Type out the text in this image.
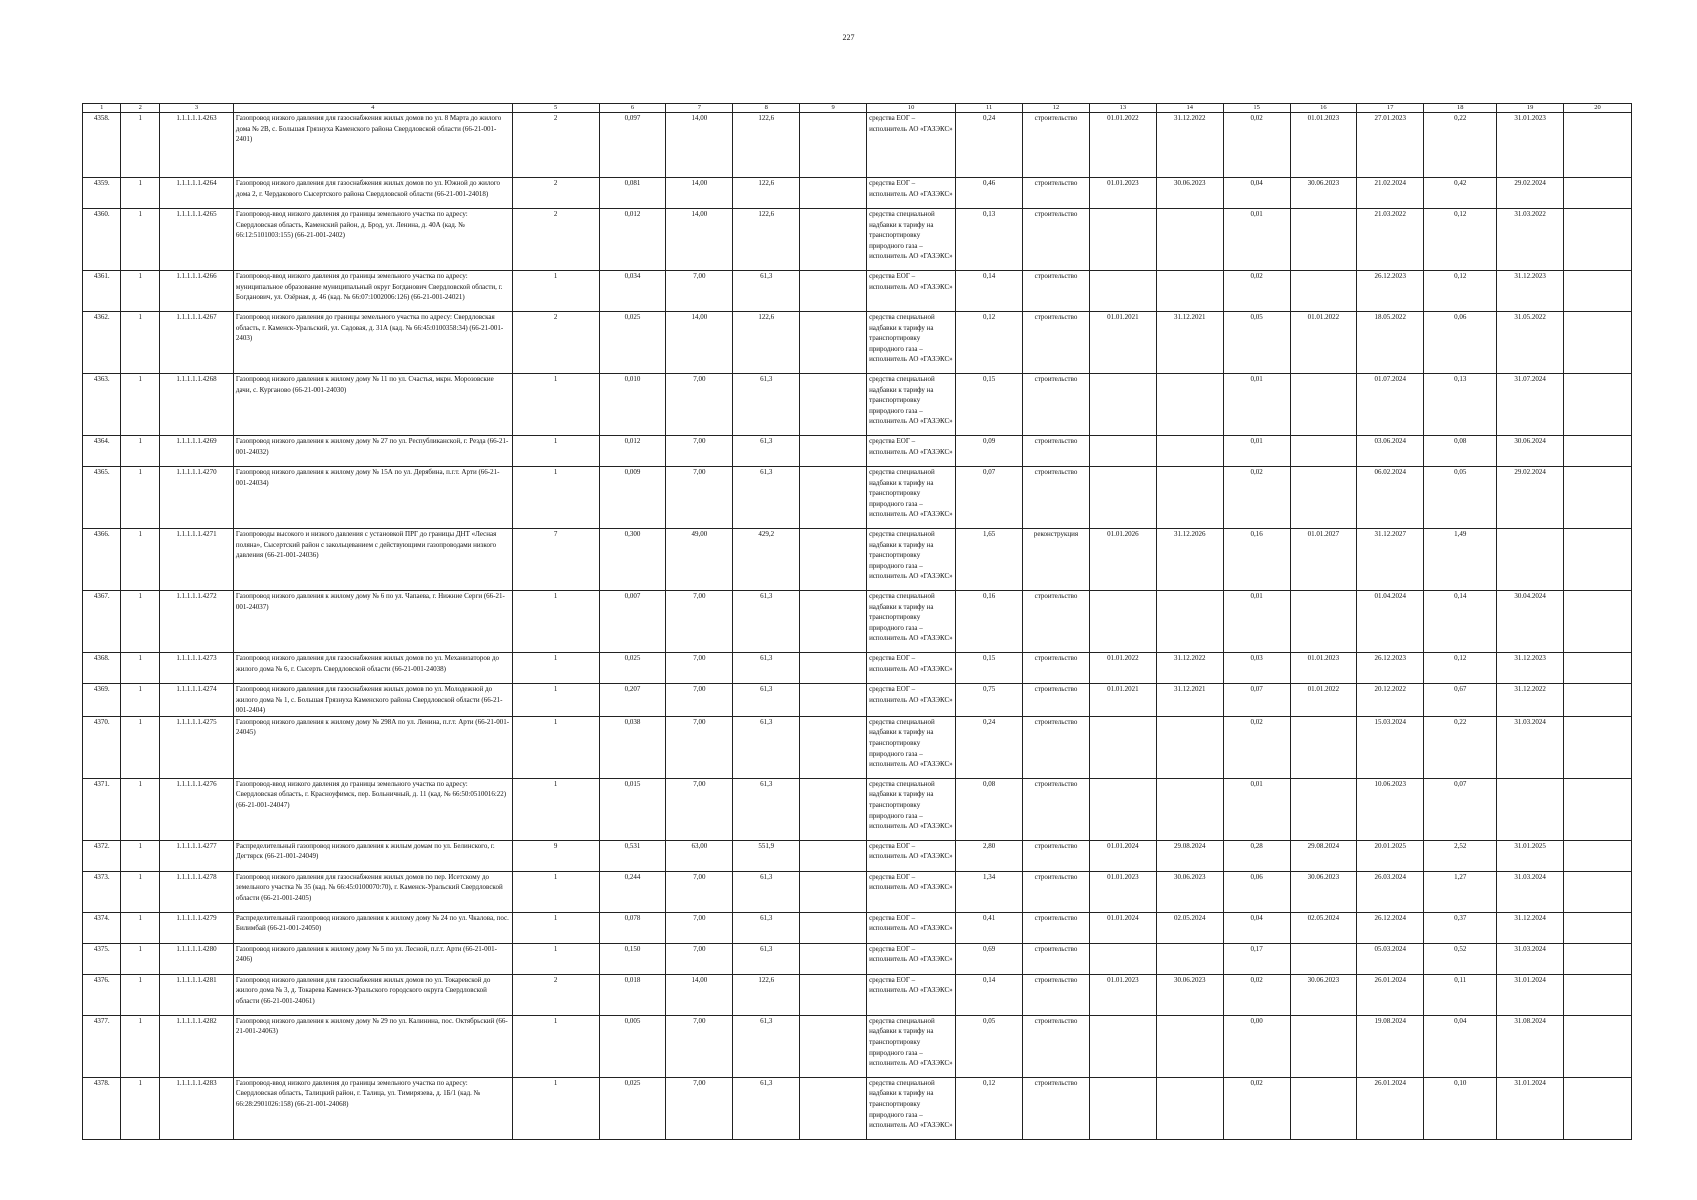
227
1	2	3	4	5	6	7	8	9	10	11	12	13	14	15	16	17	18	19	20
4358.	1	1.1.1.1.1.4263	Газопровод низкого давления для газоснабжения жилых домов по ул. 8 Марта до жилого дома № 2В, с. Большая Грязнуха Каменского района Свердловской области (66-21-001-2401)	2	0,097	14,00	122,6		средства ЕОГ – исполнитель АО «ГАЗЭКС»	0,24	строительство	01.01.2022	31.12.2022	0,02	01.01.2023	27.01.2023	0,22	31.01.2023	
4359.	1	1.1.1.1.1.4264	Газопровод низкого давления для газоснабжения жилых домов по ул. Южной до жилого дома 2, г. Чердакового Сысертского района Свердловской области (66-21-001-24018)	2	0,081	14,00	122,6		средства ЕОГ – исполнитель АО «ГАЗЭКС»	0,46	строительство	01.01.2023	30.06.2023	0,04	30.06.2023	21.02.2024	0,42	29.02.2024	
4360.	1	1.1.1.1.1.4265	Газопровод-ввод низкого давления до границы земельного участка по адресу: Свердловская область, Каменский район, д. Брод, ул. Ленина, д. 40А (кад. № 66:12:5101003:155) (66-21-001-2402)	2	0,012	14,00	122,6		средства специальной надбавки к тарифу на транспортировку природного газа – исполнитель АО «ГАЗЭКС»	0,13	строительство			0,01		21.03.2022	0,12	31.03.2022	
4361.	1	1.1.1.1.1.4266	Газопровод-ввод низкого давления до границы земельного участка по адресу: муниципальное образование муниципальный округ Богданович Свердловской области, г. Богданович, ул. Озёрная, д. 46 (кад. № 66:07:1002006:126) (66-21-001-24021)	1	0,034	7,00	61,3		средства ЕОГ – исполнитель АО «ГАЗЭКС»	0,14	строительство			0,02		26.12.2023	0,12	31.12.2023	
4362.	1	1.1.1.1.1.4267	Газопровод низкого давления до границы земельного участка по адресу: Свердловская область, г. Каменск-Уральский, ул. Садовая, д. 31А (кад. № 66:45:0100358:34) (66-21-001-2403)	2	0,025	14,00	122,6		средства специальной надбавки к тарифу на транспортировку природного газа – исполнитель АО «ГАЗЭКС»	0,12	строительство	01.01.2021	31.12.2021	0,05	01.01.2022	18.05.2022	0,06	31.05.2022	
4363.	1	1.1.1.1.1.4268	Газопровод низкого давления к жилому дому № 11 по ул. Счастья, мкрн. Морозовские дачи, с. Курганово (66-21-001-24030)	1	0,010	7,00	61,3		средства специальной надбавки к тарифу на транспортировку природного газа – исполнитель АО «ГАЗЭКС»	0,15	строительство			0,01		01.07.2024	0,13	31.07.2024	
4364.	1	1.1.1.1.1.4269	Газопровод низкого давления к жилому дому № 27 по ул. Республиканской, г. Резда (66-21-001-24032)	1	0,012	7,00	61,3		средства ЕОГ – исполнитель АО «ГАЗЭКС»	0,09	строительство			0,01		03.06.2024	0,08	30.06.2024	
4365.	1	1.1.1.1.1.4270	Газопровод низкого давления к жилому дому № 15А по ул. Дерябина, п.г.т. Арти (66-21-001-24034)	1	0,009	7,00	61,3		средства специальной надбавки к тарифу на транспортировку природного газа – исполнитель АО «ГАЗЭКС»	0,07	строительство			0,02		06.02.2024	0,05	29.02.2024	
4366.	1	1.1.1.1.1.4271	Газопроводы высокого и низкого давления с установкой ПРГ до границы ДНТ «Лесная поляна», Сысертский район с закольцеванием с действующими газопроводами низкого давления (66-21-001-24036)	7	0,300	49,00	429,2		средства специальной надбавки к тарифу на транспортировку природного газа – исполнитель АО «ГАЗЭКС»	1,65	реконструкция	01.01.2026	31.12.2026	0,16	01.01.2027	31.12.2027	1,49		
4367.	1	1.1.1.1.1.4272	Газопровод низкого давления к жилому дому № 6 по ул. Чапаева, г. Нижние Серги (66-21-001-24037)	1	0,007	7,00	61,3		средства специальной надбавки к тарифу на транспортировку природного газа – исполнитель АО «ГАЗЭКС»	0,16	строительство			0,01		01.04.2024	0,14	30.04.2024	
4368.	1	1.1.1.1.1.4273	Газопровод низкого давления для газоснабжения жилых домов по ул. Механизаторов до жилого дома № 6, г. Сысерть Свердловской области (66-21-001-24038)	1	0,025	7,00	61,3		средства ЕОГ – исполнитель АО «ГАЗЭКС»	0,15	строительство	01.01.2022	31.12.2022	0,03	01.01.2023	26.12.2023	0,12	31.12.2023	
4369.	1	1.1.1.1.1.4274	Газопровод низкого давления для газоснабжения жилых домов по ул. Молодежной до жилого дома № 1, с. Большая Грязнуха Каменского района Свердловской области (66-21-001-2404)	1	0,207	7,00	61,3		средства ЕОГ – исполнитель АО «ГАЗЭКС»	0,75	строительство	01.01.2021	31.12.2021	0,07	01.01.2022	20.12.2022	0,67	31.12.2022	
4370.	1	1.1.1.1.1.4275	Газопровод низкого давления к жилому дому № 298А по ул. Ленина, п.г.т. Арти (66-21-001-24045)	1	0,038	7,00	61,3		средства специальной надбавки к тарифу на транспортировку природного газа – исполнитель АО «ГАЗЭКС»	0,24	строительство			0,02		15.03.2024	0,22	31.03.2024	
4371.	1	1.1.1.1.1.4276	Газопровод-ввод низкого давления до границы земельного участка по адресу: Свердловская область, г. Красноуфимск, пер. Больничный, д. 11 (кад. № 66:50:0510016:22) (66-21-001-24047)	1	0,015	7,00	61,3		средства специальной надбавки к тарифу на транспортировку природного газа – исполнитель АО «ГАЗЭКС»	0,08	строительство			0,01		10.06.2023	0,07		
4372.	1	1.1.1.1.1.4277	Распределительный газопровод низкого давления к жилым домам по ул. Белинского, г. Дегтярск (66-21-001-24049)	9	0,531	63,00	551,9		средства ЕОГ – исполнитель АО «ГАЗЭКС»	2,80	строительство	01.01.2024	29.08.2024	0,28	29.08.2024	20.01.2025	2,52	31.01.2025	
4373.	1	1.1.1.1.1.4278	Газопровод низкого давления для газоснабжения жилых домов по пер. Исетскому до земельного участка № 35 (кад. № 66:45:0100070:70), г. Каменск-Уральский Свердловской области (66-21-001-2405)	1	0,244	7,00	61,3		средства ЕОГ – исполнитель АО «ГАЗЭКС»	1,34	строительство	01.01.2023	30.06.2023	0,06	30.06.2023	26.03.2024	1,27	31.03.2024	
4374.	1	1.1.1.1.1.4279	Распределительный газопровод низкого давления к жилому дому № 24 по ул. Чкалова, пос. Билимбай (66-21-001-24050)	1	0,078	7,00	61,3		средства ЕОГ – исполнитель АО «ГАЗЭКС»	0,41	строительство	01.01.2024	02.05.2024	0,04	02.05.2024	26.12.2024	0,37	31.12.2024	
4375.	1	1.1.1.1.1.4280	Газопровод низкого давления к жилому дому № 5 по ул. Лесной, п.г.т. Арти (66-21-001-2406)	1	0,150	7,00	61,3		средства ЕОГ – исполнитель АО «ГАЗЭКС»	0,69	строительство			0,17		05.03.2024	0,52	31.03.2024	
4376.	1	1.1.1.1.1.4281	Газопровод низкого давления для газоснабжения жилых домов по ул. Токаревской до жилого дома № 3, д. Токарева Каменск-Уральского городского округа Свердловской области (66-21-001-24061)	2	0,018	14,00	122,6		средства ЕОГ – исполнитель АО «ГАЗЭКС»	0,14	строительство	01.01.2023	30.06.2023	0,02	30.06.2023	26.01.2024	0,11	31.01.2024	
4377.	1	1.1.1.1.1.4282	Газопровод низкого давления к жилому дому № 29 по ул. Калинина, пос. Октябрьский (66-21-001-24063)	1	0,005	7,00	61,3		средства специальной надбавки к тарифу на транспортировку природного газа – исполнитель АО «ГАЗЭКС»	0,05	строительство			0,00		19.08.2024	0,04	31.08.2024	
4378.	1	1.1.1.1.1.4283	Газопровод-ввод низкого давления до границы земельного участка по адресу: Свердловская область, Талицкий район, г. Талица, ул. Тимирязева, д. 1Б/1 (кад. № 66:28:2901026:158) (66-21-001-24068)	1	0,025	7,00	61,3		средства специальной надбавки к тарифу на транспортировку природного газа – исполнитель АО «ГАЗЭКС»	0,12	строительство			0,02		26.01.2024	0,10	31.01.2024	
